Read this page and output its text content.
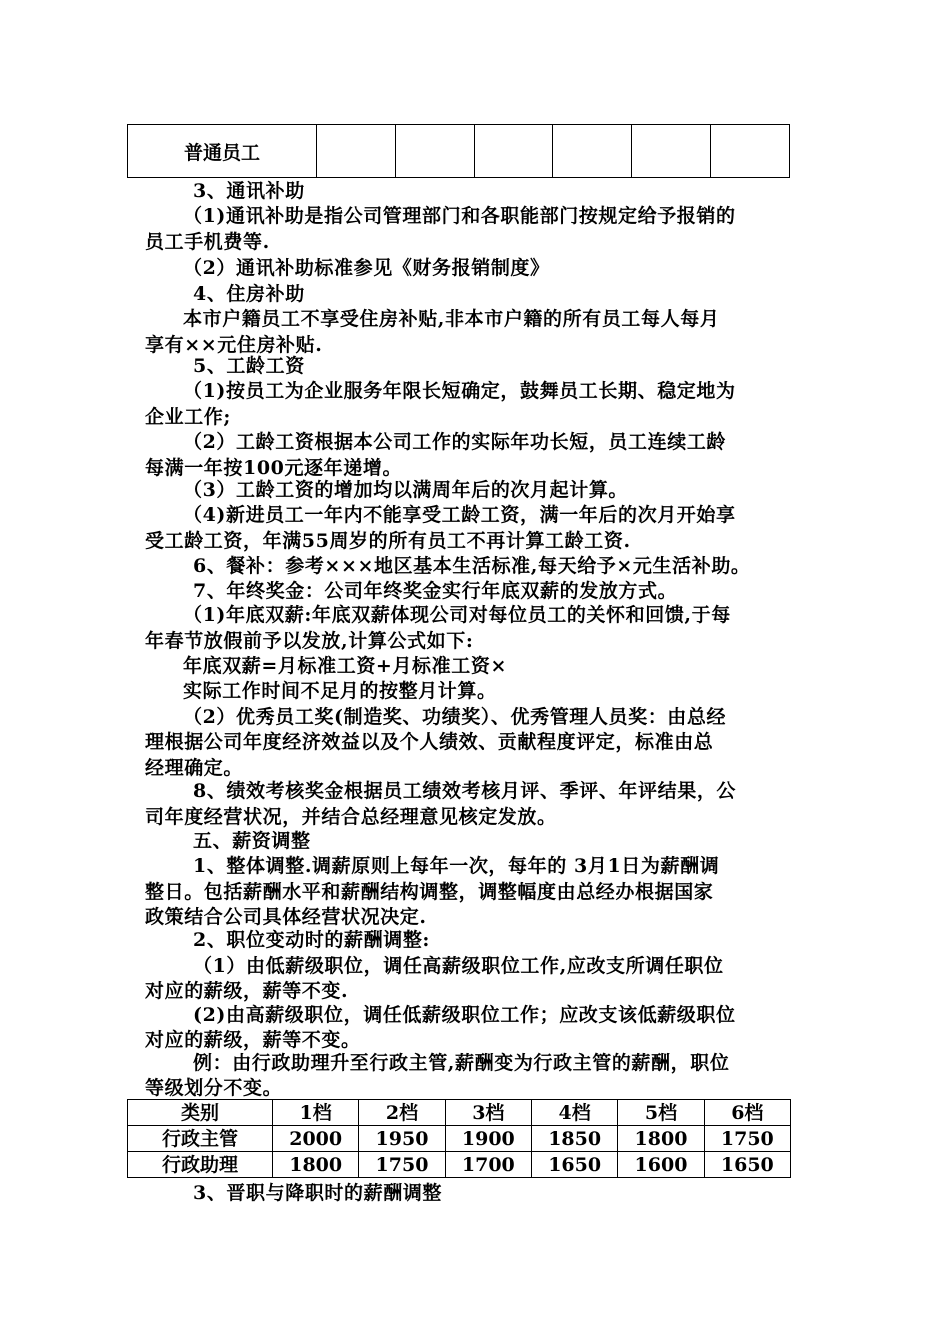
普通员工						
3、通讯补助
（1)通讯补助是指公司管理部门和各职能部门按规定给予报销的
员工手机费等.
（2）通讯补助标准参见《财务报销制度》
4、住房补助
本市户籍员工不享受住房补贴,非本市户籍的所有员工每人每月
享有××元住房补贴.
5、工龄工资
（1)按员工为企业服务年限长短确定，鼓舞员工长期、稳定地为
企业工作;
（2）工龄工资根据本公司工作的实际年功长短，员工连续工龄
每满一年按100元逐年递增。
（3）工龄工资的增加均以满周年后的次月起计算。
（4)新进员工一年内不能享受工龄工资，满一年后的次月开始享
受工龄工资，年满55周岁的所有员工不再计算工龄工资.
6、餐补：参考×××地区基本生活标准,每天给予×元生活补助。
7、年终奖金：公司年终奖金实行年底双薪的发放方式。
（1)年底双薪:年底双薪体现公司对每位员工的关怀和回馈,于每
年春节放假前予以发放,计算公式如下:
年底双薪=月标准工资+月标准工资×
实际工作时间不足月的按整月计算。
（2）优秀员工奖(制造奖、功绩奖）、优秀管理人员奖：由总经
理根据公司年度经济效益以及个人绩效、贡献程度评定，标准由总
经理确定。
8、绩效考核奖金根据员工绩效考核月评、季评、年评结果，公
司年度经营状况，并结合总经理意见核定发放。
五、薪资调整
1、整体调整.调薪原则上每年一次，每年的 3月1日为薪酬调
整日。包括薪酬水平和薪酬结构调整，调整幅度由总经办根据国家
政策结合公司具体经营状况决定.
2、职位变动时的薪酬调整:
（1）由低薪级职位，调任高薪级职位工作,应改支所调任职位
对应的薪级，薪等不变.
(2)由高薪级职位，调任低薪级职位工作；应改支该低薪级职位
对应的薪级，薪等不变。
例：由行政助理升至行政主管,薪酬变为行政主管的薪酬，职位
等级划分不变。
3、晋职与降职时的薪酬调整
类别	1档	2档	3档	4档	5档	6档
行政主管	2000	1950	1900	1850	1800	1750
行政助理	1800	1750	1700	1650	1600	1650
